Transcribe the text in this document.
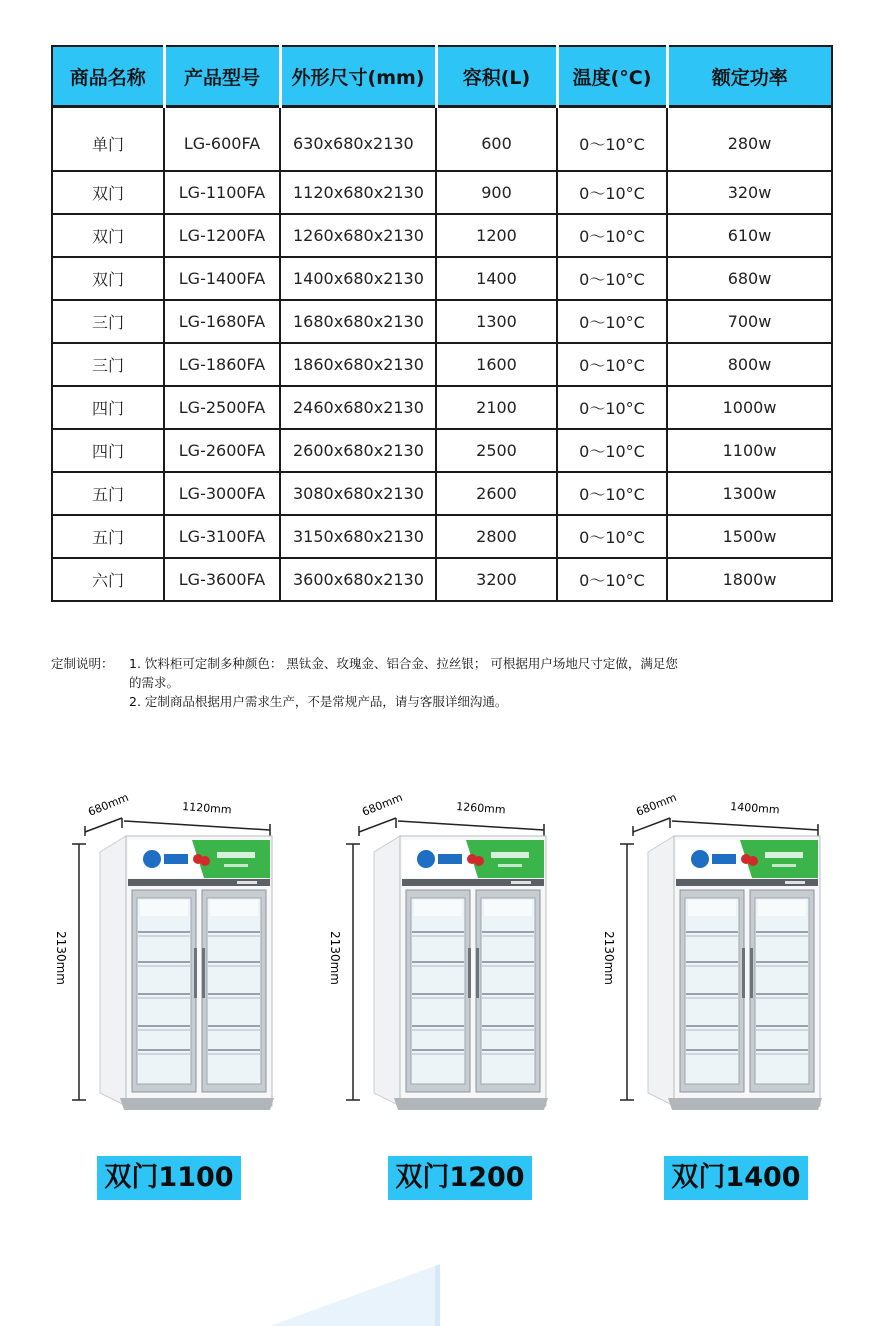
商品名称	产品型号	外形尺寸(mm)	容积(L)	温度(°C)	额定功率
单门	LG-600FA	630x680x2130	600	0～10°C	280w
双门	LG-1100FA	1120x680x2130	900	0～10°C	320w
双门	LG-1200FA	1260x680x2130	1200	0～10°C	610w
双门	LG-1400FA	1400x680x2130	1400	0～10°C	680w
三门	LG-1680FA	1680x680x2130	1300	0～10°C	700w
三门	LG-1860FA	1860x680x2130	1600	0～10°C	800w
四门	LG-2500FA	2460x680x2130	2100	0～10°C	1000w
四门	LG-2600FA	2600x680x2130	2500	0～10°C	1100w
五门	LG-3000FA	3080x680x2130	2600	0～10°C	1300w
五门	LG-3100FA	3150x680x2130	2800	0～10°C	1500w
六门	LG-3600FA	3600x680x2130	3200	0～10°C	1800w
定制说明： 1. 饮料柜可定制多种颜色： 黑钛金、玫瑰金、铝合金、拉丝银； 可根据用户场地尺寸定做，满足您
的需求。
2. 定制商品根据用户需求生产，不是常规产品，请与客服详细沟通。
680mm	1120mm
2130mm
双门1100
680mm	1260mm
2130mm
双门1200
680mm	1400mm
2130mm
双门1400
